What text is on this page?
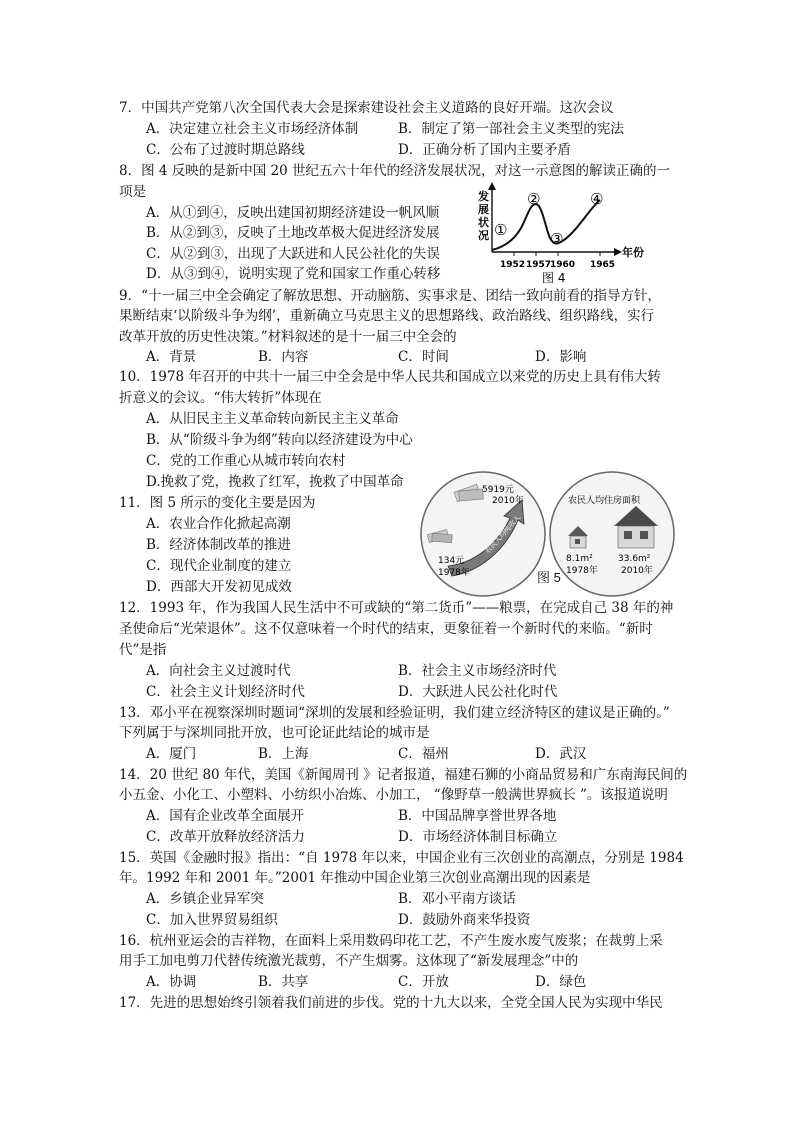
7．中国共产党第八次全国代表大会是探索建设社会主义道路的良好开端。这次会议
A．决定建立社会主义市场经济体制	B．制定了第一部社会主义类型的宪法
C．公布了过渡时期总路线	D．正确分析了国内主要矛盾
8．图 4 反映的是新中国 20 世纪五六十年代的经济发展状况，对这一示意图的解读正确的一
项是
A．从①到④，反映出建国初期经济建设一帆风顺
B．从②到③，反映了土地改革极大促进经济发展
C．从②到③，出现了大跃进和人民公社化的失误
D．从③到④，说明实现了党和国家工作重心转移
发
展
状
况
年份
1952 1957
1960 1965
①
②
③
④
图 4
9．“十一届三中全会确定了解放思想、开动脑筋、实事求是、团结一致向前看的指导方针，
果断结束‘以阶级斗争为纲’，重新确立马克思主义的思想路线、政治路线、组织路线，实行
改革开放的历史性决策。”材料叙述的是十一届三中全会的
A．背景	B．内容	C．时间	D．影响
10．1978 年召开的中共十一届三中全会是中华人民共和国成立以来党的历史上具有伟大转
折意义的会议。“伟大转折”体现在
A．从旧民主主义革命转向新民主主义革命
B．从“阶级斗争为纲”转向以经济建设为中心
C．党的工作重心从城市转向农村
D.挽救了党，挽救了红军，挽救了中国革命
11．图 5 所示的变化主要是因为
A．农业合作化掀起高潮
B．经济体制改革的推进
C．现代企业制度的建立
D．西部大开发初见成效
农民人均纯收入
5919元
2010年
134元
1978年
农民人均住房面积
8.1m²
1978年
33.6m²
2010年
图 5
12．1993 年，作为我国人民生活中不可或缺的“第二货币”——粮票，在完成自己 38 年的神
圣使命后“光荣退休”。这不仅意味着一个时代的结束，更象征着一个新时代的来临。“新时
代”是指
A．向社会主义过渡时代	B．社会主义市场经济时代
C．社会主义计划经济时代	D．大跃进人民公社化时代
13．邓小平在视察深圳时题词“深圳的发展和经验证明，我们建立经济特区的建议是正确的。”
下列属于与深圳同批开放，也可论证此结论的城市是
A．厦门	B．上海	C．福州	D．武汉
14．20 世纪 80 年代，美国《新闻周刊 》记者报道，福建石狮的小商品贸易和广东南海民间的
小五金、小化工、小塑料、小纺织小冶炼、小加工， “像野草一般满世界疯长 ”。该报道说明
A．国有企业改革全面展开	B．中国品牌享誉世界各地
C．改革开放释放经济活力	D．市场经济体制目标确立
15．英国《金融时报》指出：“自 1978 年以来，中国企业有三次创业的高潮点，分别是 1984
年。1992 年和 2001 年。”2001 年推动中国企业第三次创业高潮出现的因素是
A．乡镇企业异军突	B．邓小平南方谈话
C．加入世界贸易组织	D．鼓励外商来华投资
16．杭州亚运会的吉祥物，在面料上采用数码印花工艺，不产生废水废气废浆；在裁剪上采
用手工加电剪刀代替传统激光裁剪，不产生烟雾。这体现了“新发展理念”中的
A．协调	B．共享	C．开放	D．绿色
17．先进的思想始终引领着我们前进的步伐。党的十九大以来，全党全国人民为实现中华民
